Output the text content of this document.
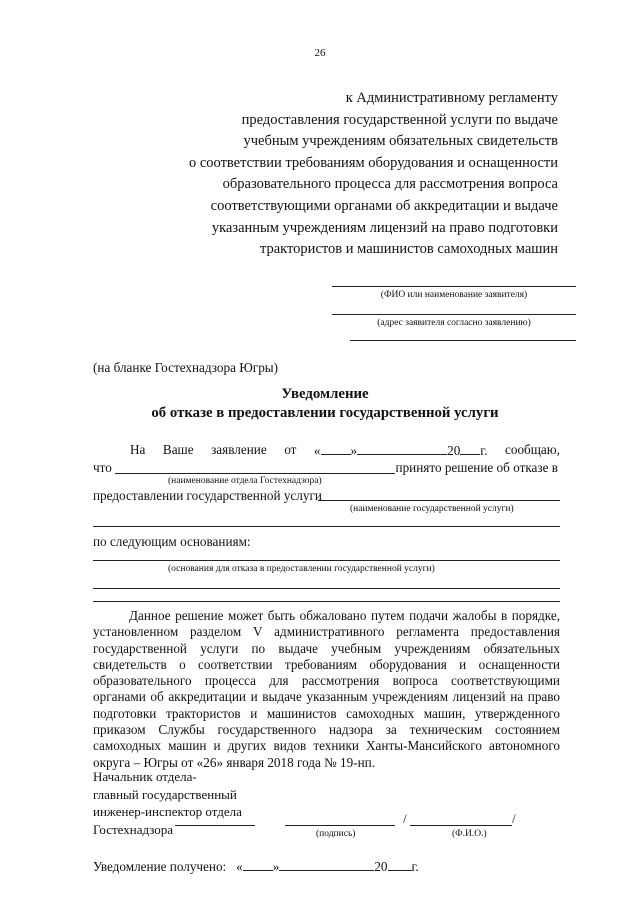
26
к Административному регламенту
предоставления государственной услуги по выдаче
учебным учреждениям обязательных свидетельств
о соответствии требованиям оборудования и оснащенности
образовательного процесса для рассмотрения вопроса
соответствующими органами об аккредитации и выдаче
указанным учреждениям лицензий на право подготовки
трактористов и машинистов самоходных машин
(ФИО или наименование заявителя)
(адрес заявителя согласно заявлению)
(на бланке Гостехнадзора Югры)
Уведомление
об отказе в предоставлении государственной услуги
На Ваше заявление от « »	20 г. сообщаю,
что	принято решение об отказе в
(наименование отдела Гостехнадзора)
предоставлении государственной услуги
(наименование государственной услуги)
по следующим основаниям:
(основания для отказа в предоставлении государственной услуги)
Данное решение может быть обжаловано путем подачи жалобы в порядке, установленном разделом V административного регламента предоставления государственной услуги по выдаче учебным учреждениям обязательных свидетельств о соответствии требованиям оборудования и оснащенности образовательного процесса для рассмотрения вопроса соответствующими органами об аккредитации и выдаче указанным учреждениям лицензий на право подготовки трактористов и машинистов самоходных машин, утвержденного приказом Службы государственного надзора за техническим состоянием самоходных машин и других видов техники Ханты-Мансийского автономного округа – Югры от «26» января 2018 года № 19-нп.
Начальник отдела-
главный государственный
инженер-инспектор отдела
Гостехнадзора	(подпись)
/	/
(Ф.И.О.)
Уведомление получено: « »	20 г.
